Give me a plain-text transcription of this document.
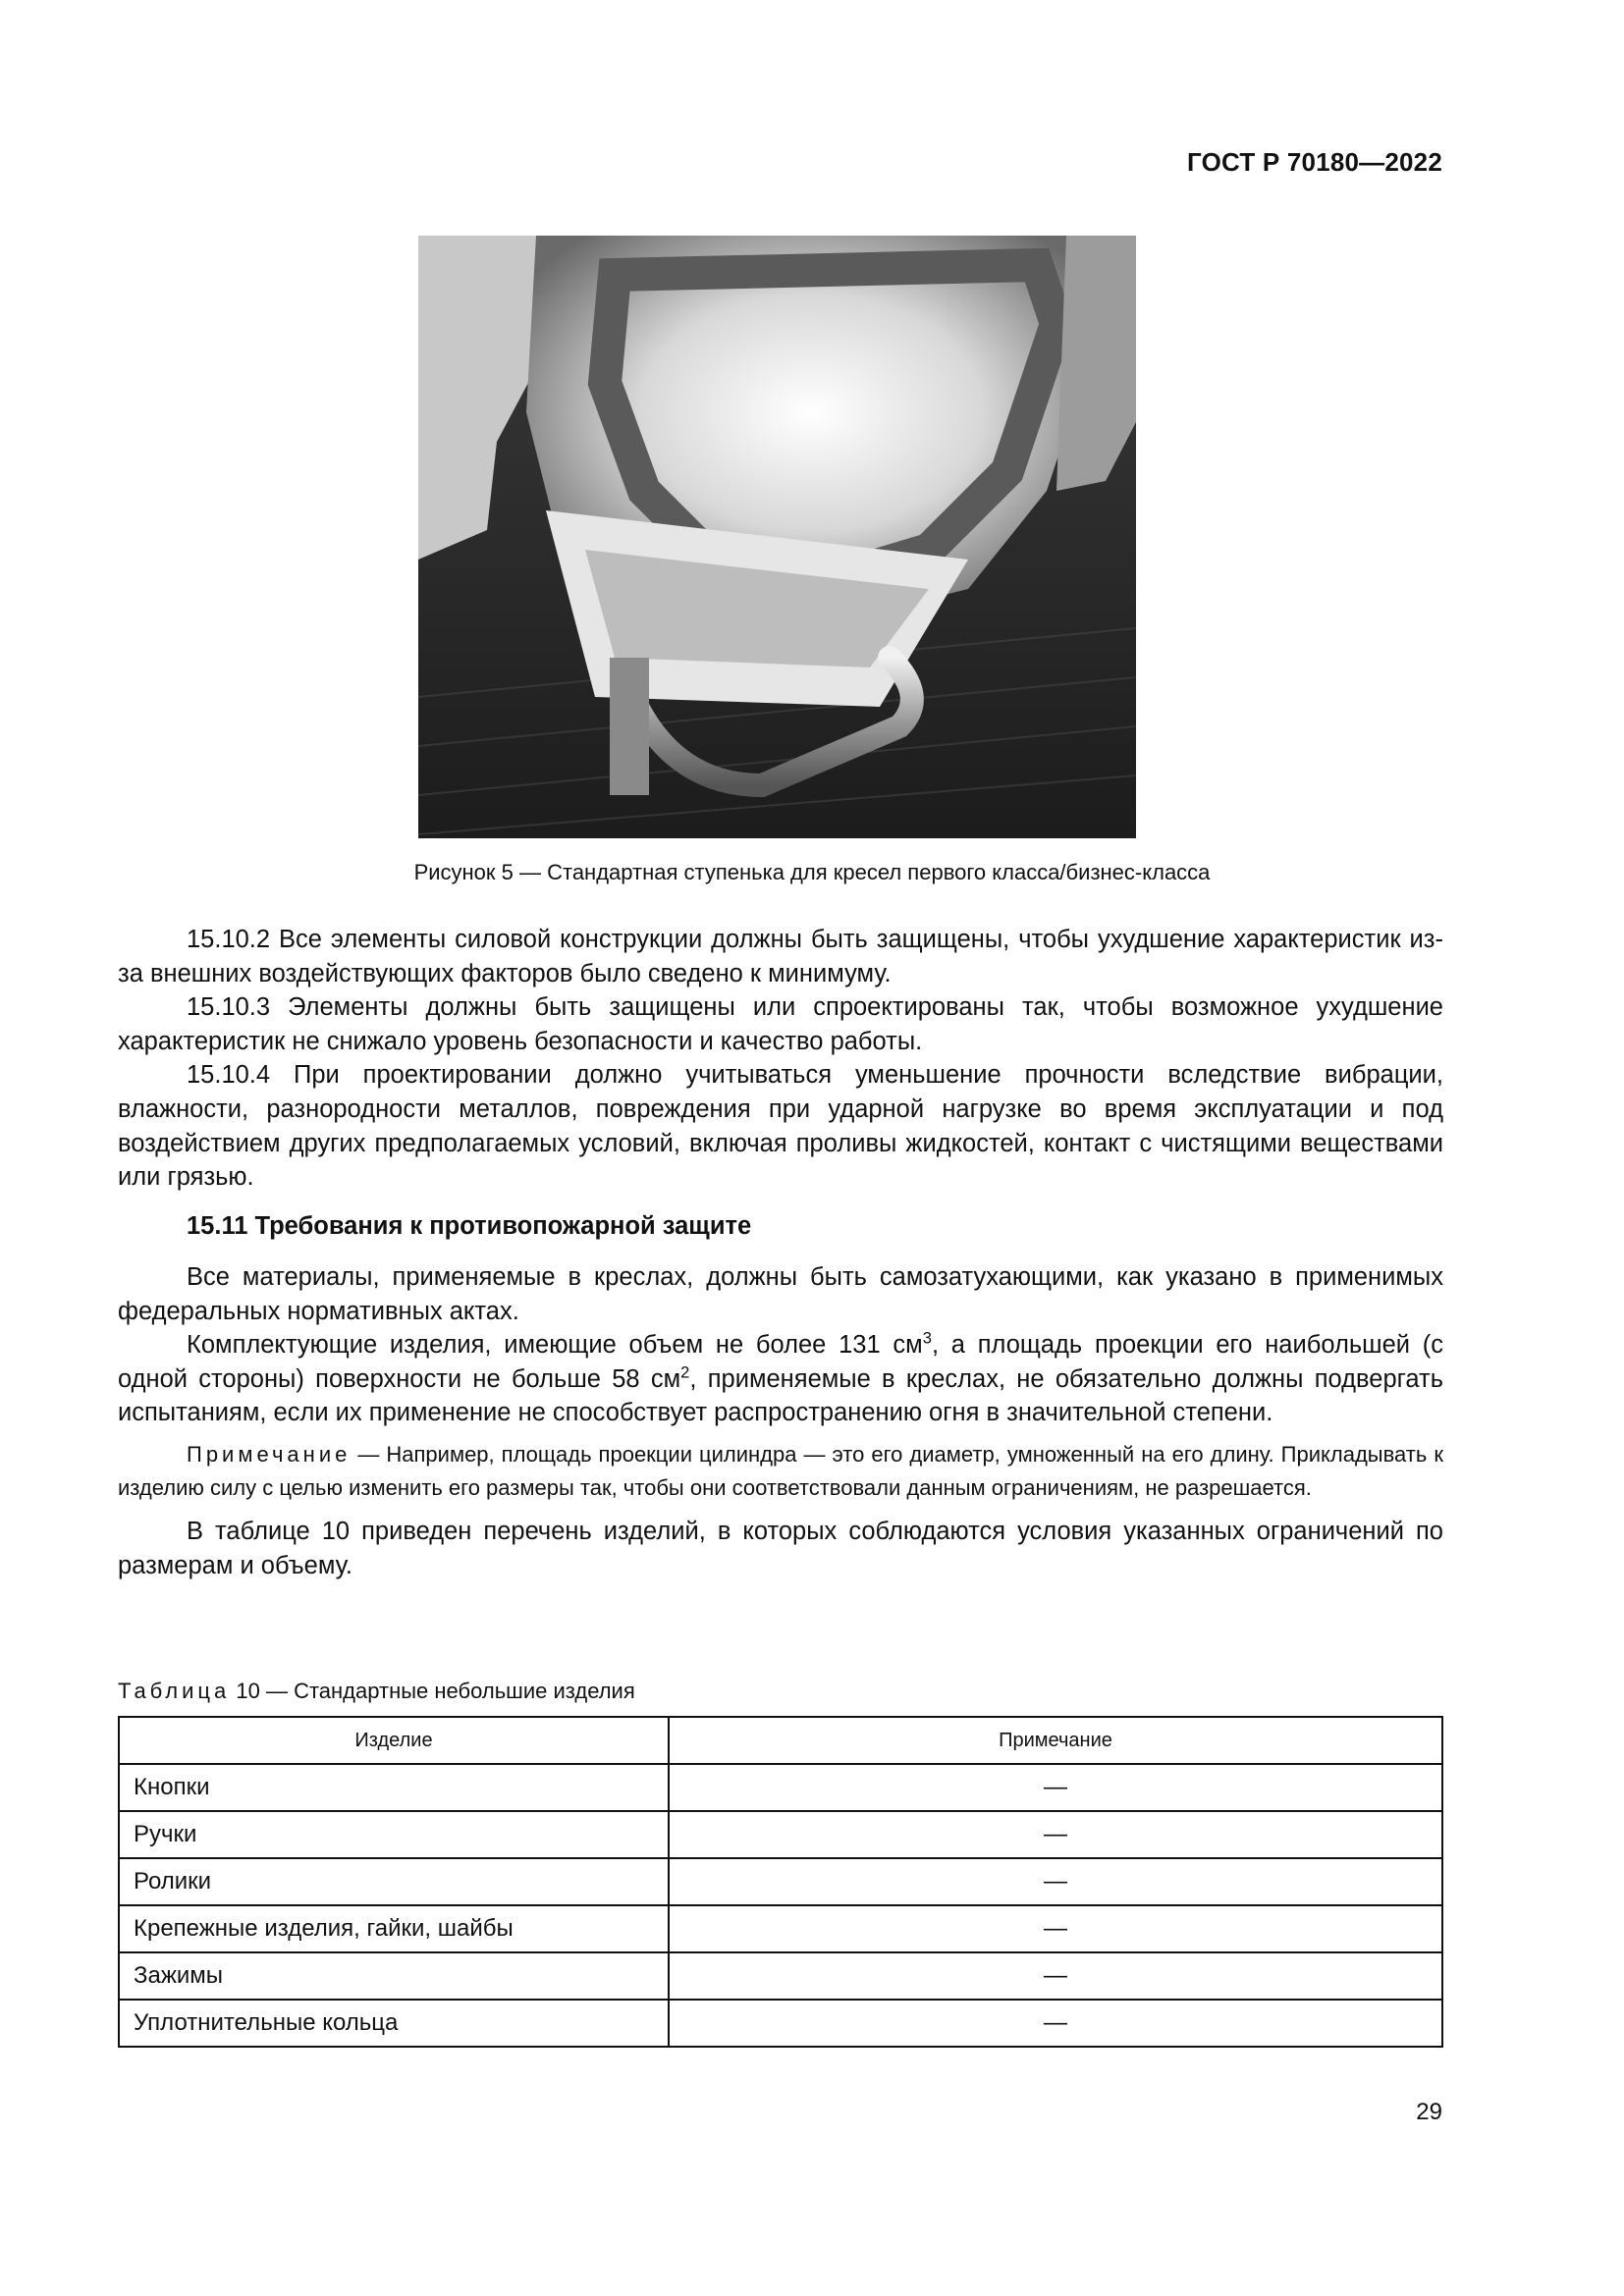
ГОСТ Р 70180—2022

Рисунок 5 — Стандартная ступенька для кресел первого класса/бизнес-класса

15.10.2 Все элементы силовой конструкции должны быть защищены, чтобы ухудшение характеристик из-за внешних воздействующих факторов было сведено к минимуму.

15.10.3 Элементы должны быть защищены или спроектированы так, чтобы возможное ухудшение характеристик не снижало уровень безопасности и качество работы.

15.10.4 При проектировании должно учитываться уменьшение прочности вследствие вибрации, влажности, разнородности металлов, повреждения при ударной нагрузке во время эксплуатации и под воздействием других предполагаемых условий, включая проливы жидкостей, контакт с чистящими веществами или грязью.

15.11 Требования к противопожарной защите

Все материалы, применяемые в креслах, должны быть самозатухающими, как указано в применимых федеральных нормативных актах.

Комплектующие изделия, имеющие объем не более 131 $см^3$, а площадь проекции его наибольшей (с одной стороны) поверхности не больше 58 $см^2$, применяемые в креслах, не обязательно должны подвергать испытаниям, если их применение не способствует распространению огня в значительной степени.

Примечание — Например, площадь проекции цилиндра — это его диаметр, умноженный на его длину. Прикладывать к изделию силу с целью изменить его размеры так, чтобы они соответствовали данным ограничениям, не разрешается.

В таблице 10 приведен перечень изделий, в которых соблюдаются условия указанных ограничений по размерам и объему.

Таблица 10 — Стандартные небольшие изделия

Изделие	Примечание
Кнопки	—
Ручки	—
Ролики	—
Крепежные изделия, гайки, шайбы	—
Зажимы	—
Уплотнительные кольца	—

29
